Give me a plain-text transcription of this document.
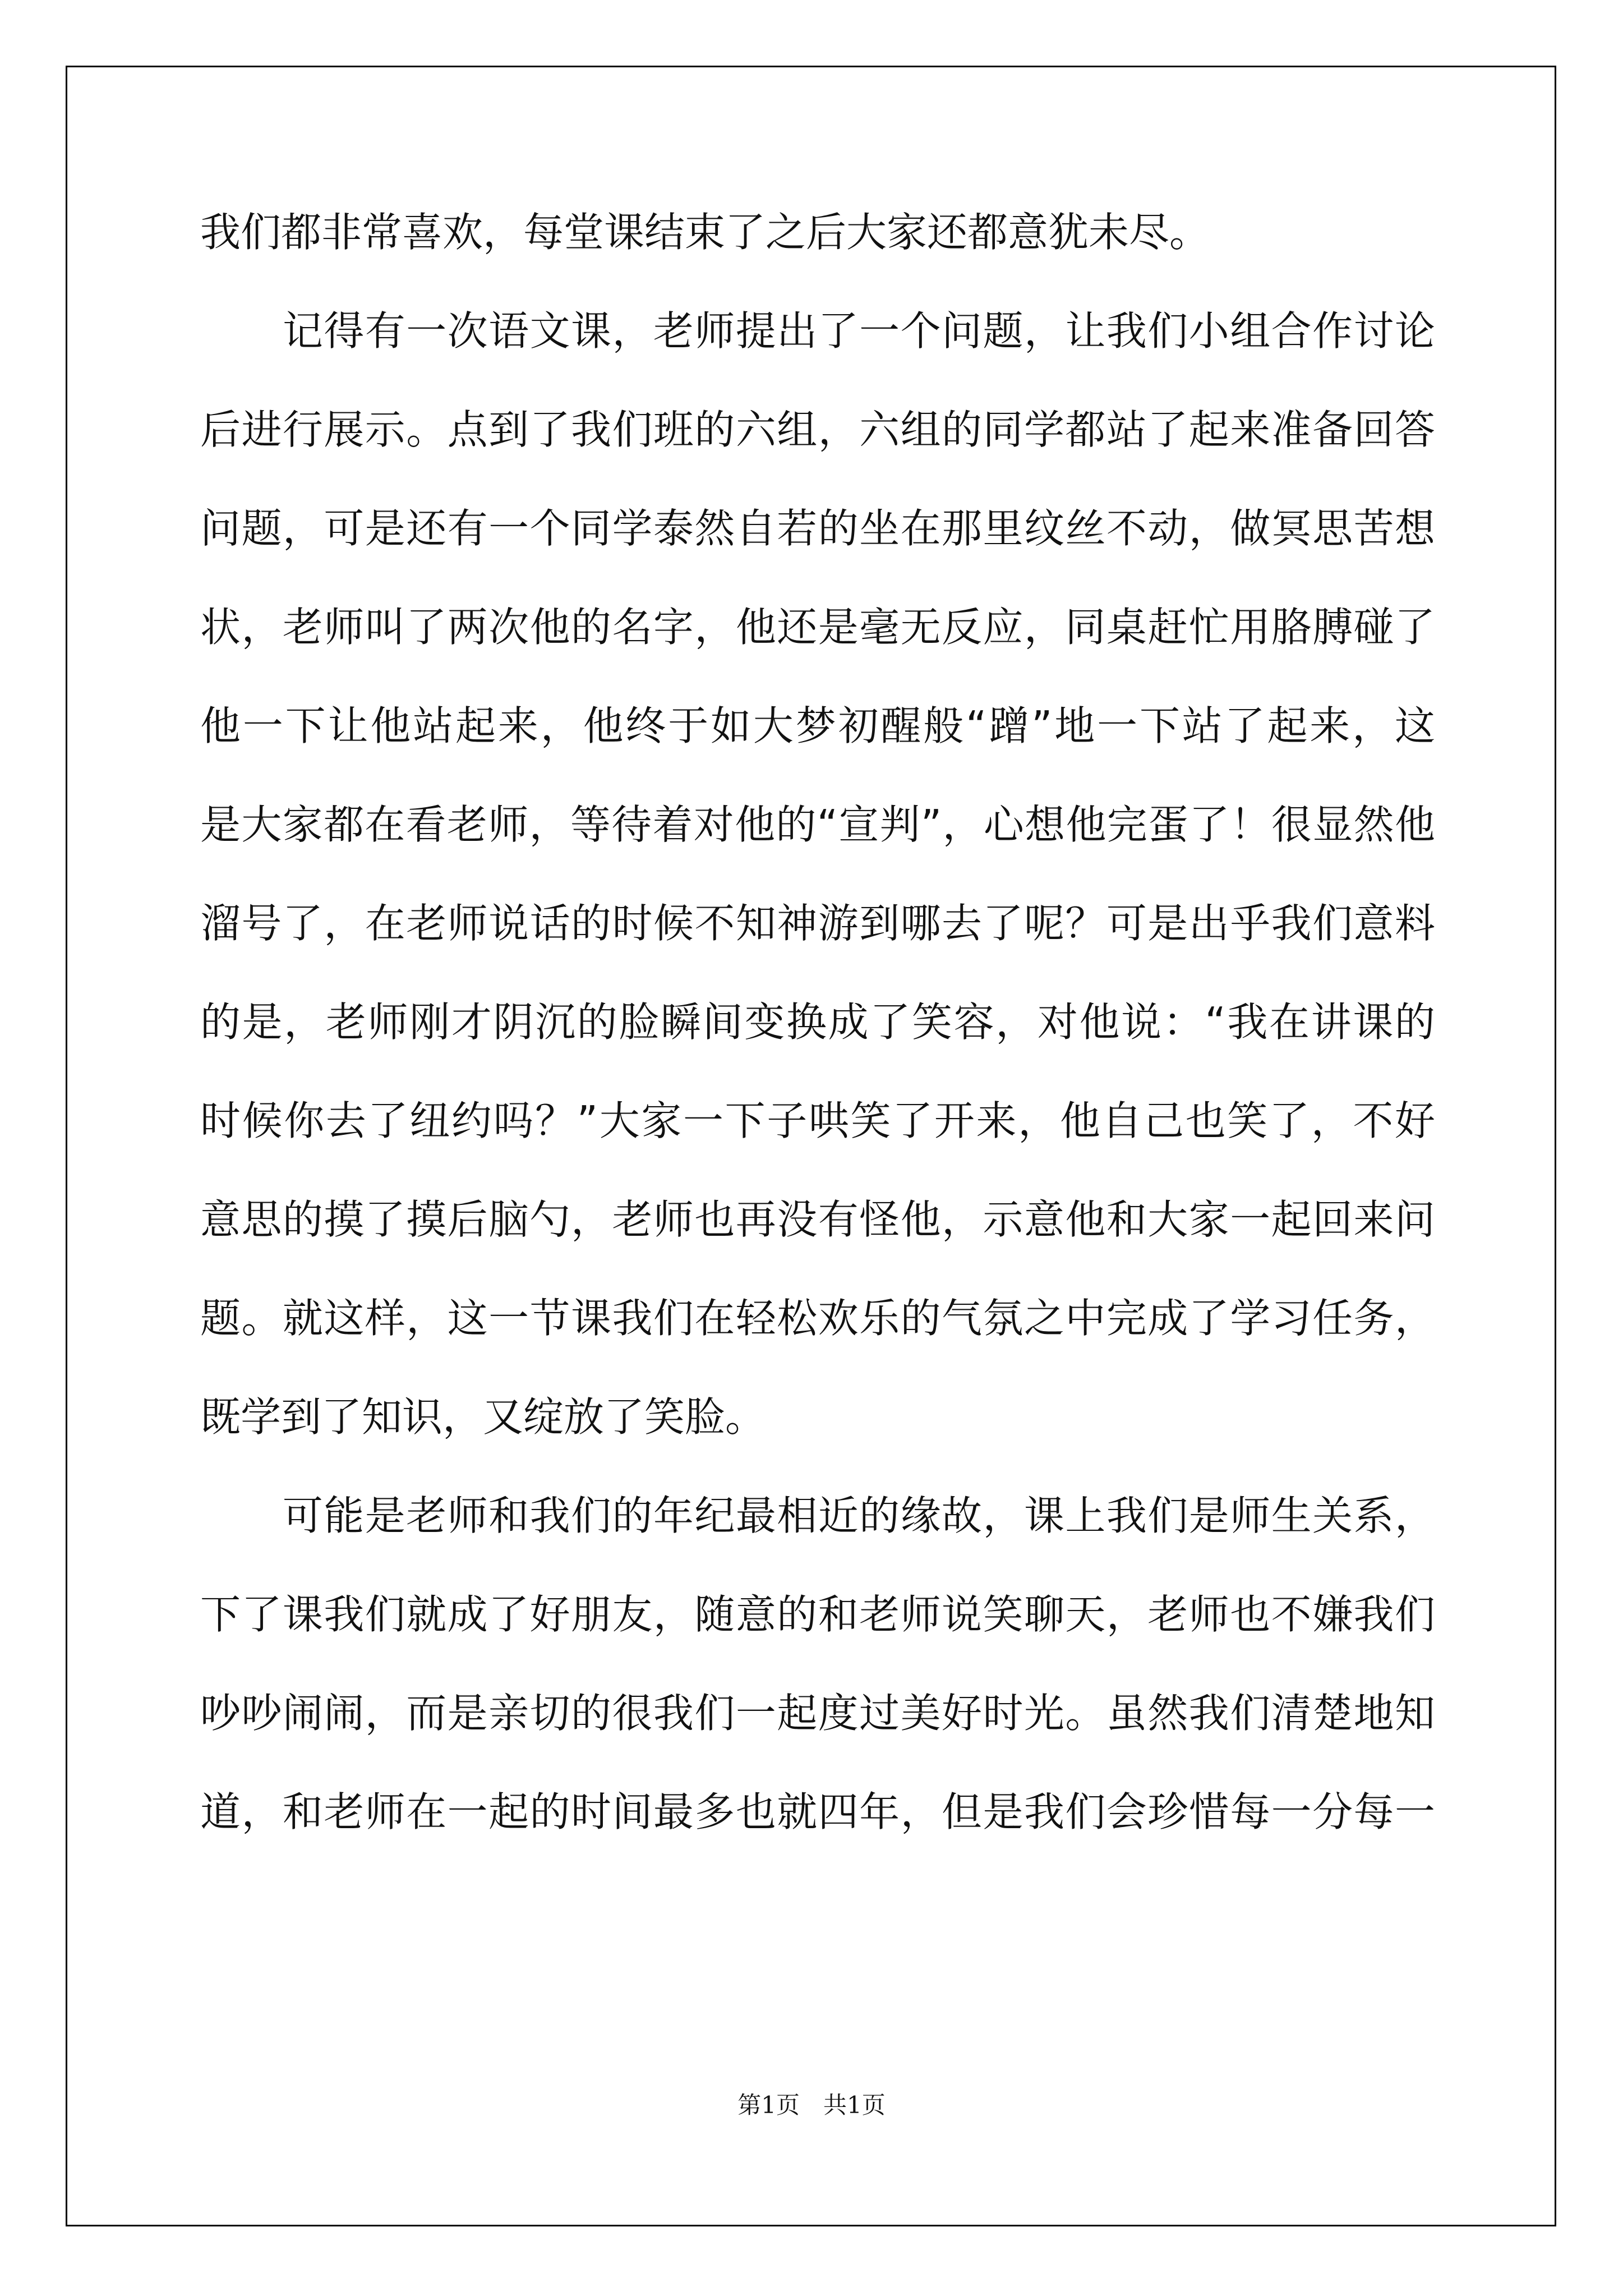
我们都非常喜欢，每堂课结束了之后大家还都意犹未尽。
　　记得有一次语文课，老师提出了一个问题，让我们小组合作讨论
后进行展示。点到了我们班的六组，六组的同学都站了起来准备回答
问题，可是还有一个同学泰然自若的坐在那里纹丝不动，做冥思苦想
状，老师叫了两次他的名字，他还是毫无反应，同桌赶忙用胳膊碰了
他一下让他站起来，他终于如大梦初醒般“蹭”地一下站了起来，这
是大家都在看老师，等待着对他的“宣判”，心想他完蛋了！很显然他
溜号了，在老师说话的时候不知神游到哪去了呢？可是出乎我们意料
的是，老师刚才阴沉的脸瞬间变换成了笑容，对他说：“我在讲课的
时候你去了纽约吗？”大家一下子哄笑了开来，他自己也笑了，不好
意思的摸了摸后脑勺，老师也再没有怪他，示意他和大家一起回来问
题。就这样，这一节课我们在轻松欢乐的气氛之中完成了学习任务，
既学到了知识，又绽放了笑脸。
　　可能是老师和我们的年纪最相近的缘故，课上我们是师生关系，
下了课我们就成了好朋友，随意的和老师说笑聊天，老师也不嫌我们
吵吵闹闹，而是亲切的很我们一起度过美好时光。虽然我们清楚地知
道，和老师在一起的时间最多也就四年，但是我们会珍惜每一分每一
第1页　共1页
